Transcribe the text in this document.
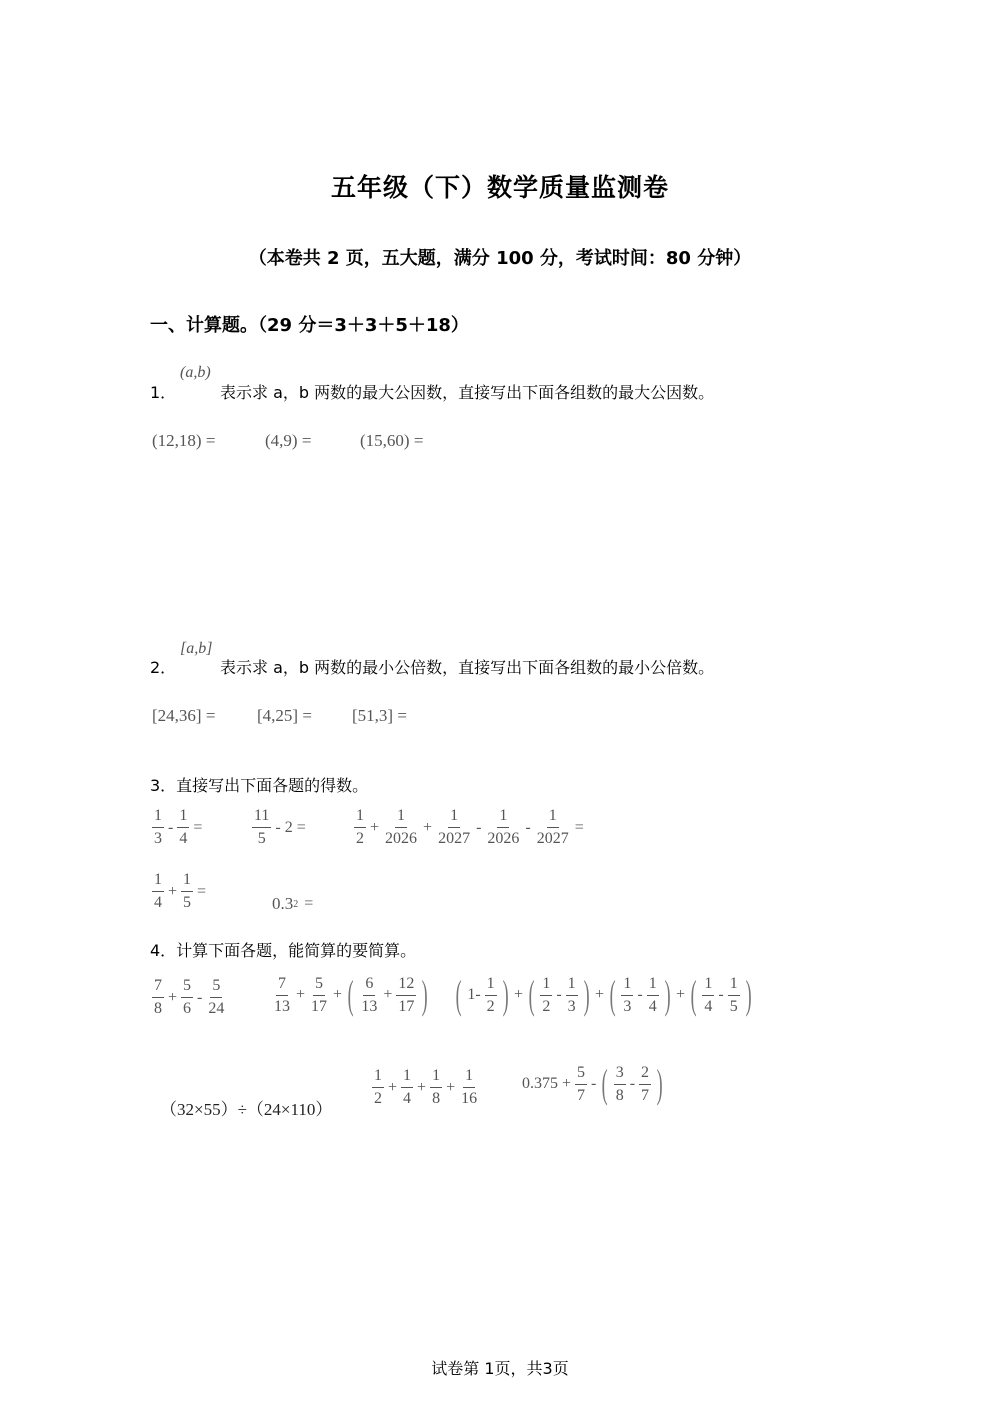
五年级（下）数学质量监测卷
（本卷共 2 页，五大题，满分 100 分，考试时间：80 分钟）
一、计算题。（29 分＝3＋3＋5＋18）
1．
(a,b)
表示求 a，b 两数的最大公因数，直接写出下面各组数的最大公因数。
(12,18) =	(4,9) =	(15,60) =
2．
[a,b]
表示求 a，b 两数的最小公倍数，直接写出下面各组数的最小公倍数。
[24,36] = [4,25] = [51,3] =
3．直接写出下面各题的得数。
$\frac{1}{3} - \frac{1}{4}$ =	$\frac{11}{5} - 2$ =	$\frac{1}{2} + \frac{1}{2026} + \frac{1}{2027} - \frac{1}{2026} - \frac{1}{2027}$ =
$\frac{1}{4} + \frac{1}{5}$ =
0.3 2 =
4．计算下面各题，能简算的要简算。
$\frac{7}{8} + \frac{5}{6} - \frac{5}{24}$	$\frac{7}{13} + \frac{5}{17}$ + ( $\frac{6}{13} + \frac{12}{17}$ ) ( $1- \frac{1}{2}$ ) + ( $\frac{1}{2} - \frac{1}{3}$ ) + ( $\frac{1}{3} - \frac{1}{4}$ ) + ( $\frac{1}{4} - \frac{1}{5}$ )
（32×55）÷（24×110）
$\frac{1}{2} + \frac{1}{4} + \frac{1}{8} + \frac{1}{16}$	$0.375 + \frac{5}{7}$ - ( $\frac{3}{8} - \frac{2}{7}$ )
试卷第 1页，共3页
